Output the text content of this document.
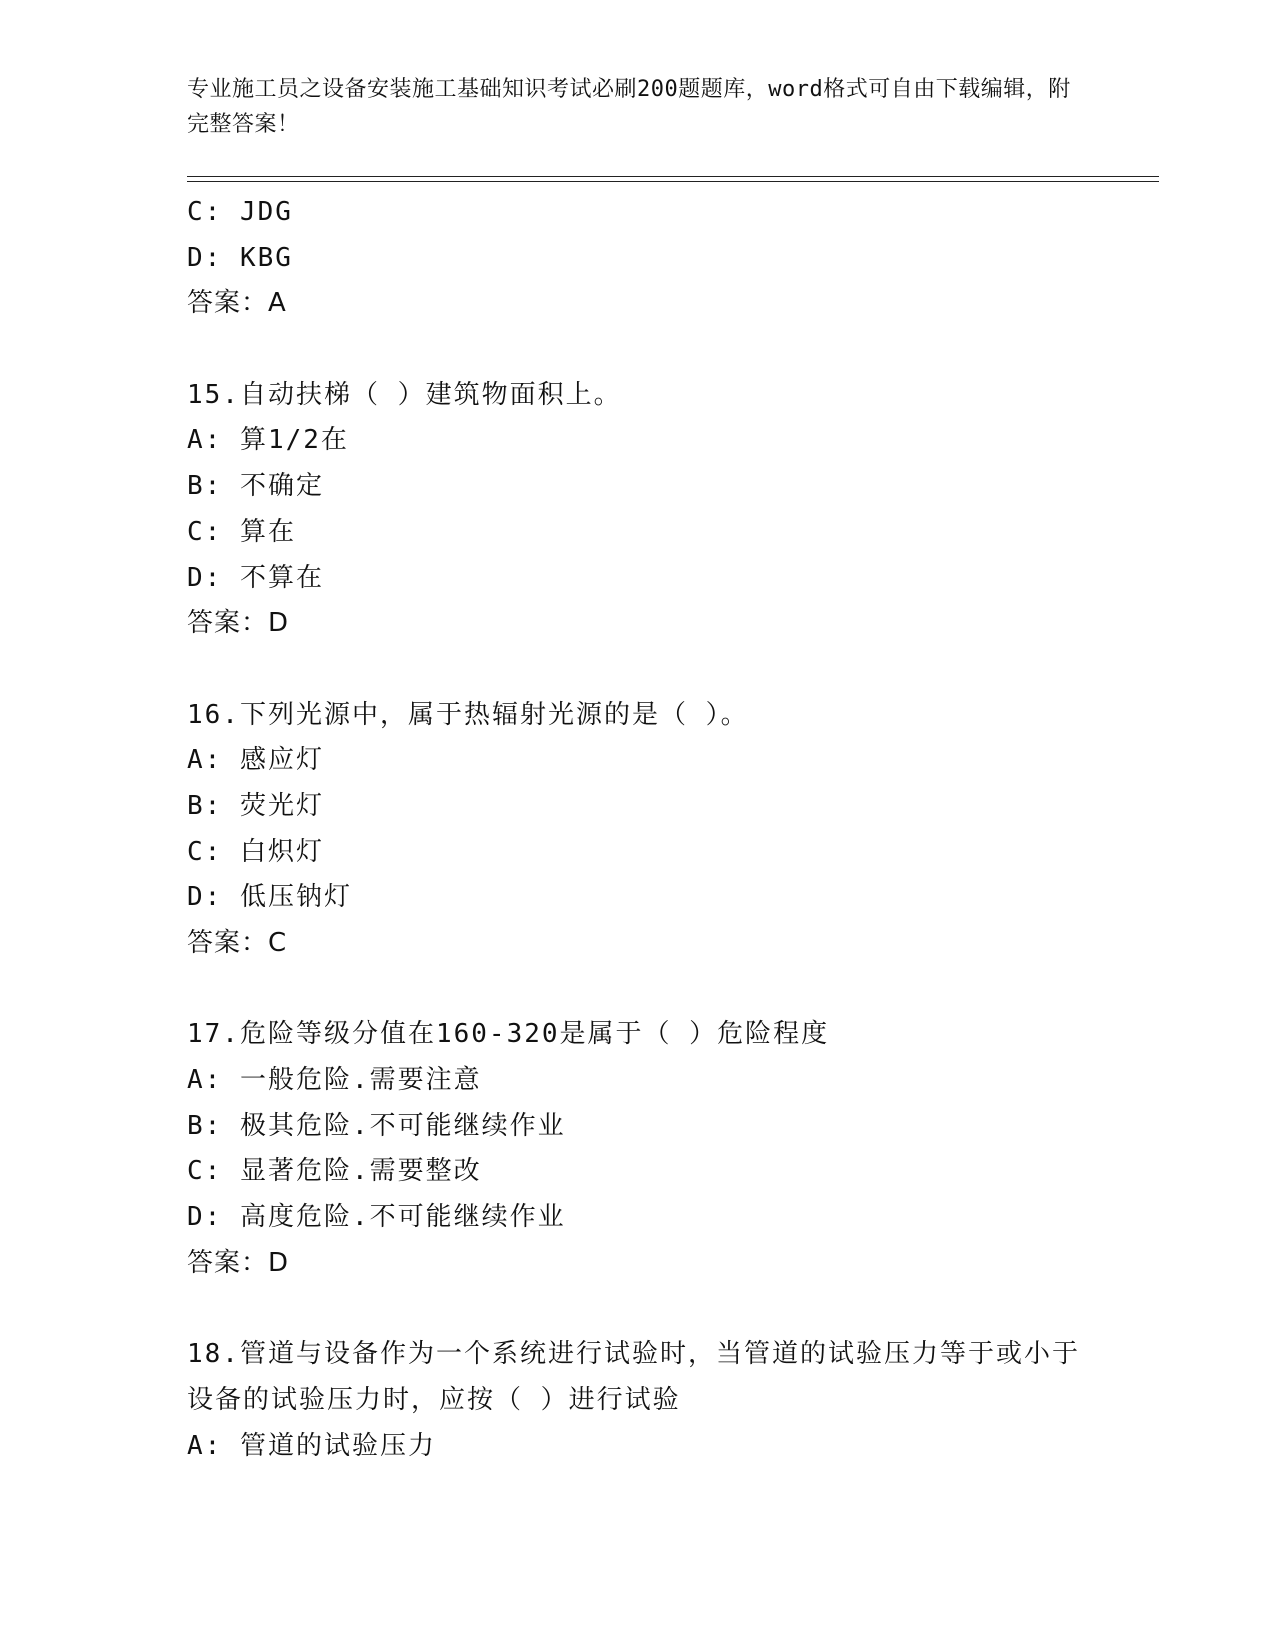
专业施工员之设备安装施工基础知识考试必刷200题题库，word格式可自由下载编辑，附完整答案！
C: JDG
D: KBG
答案：A
15.自动扶梯（ ）建筑物面积上。
A: 算1/2在
B: 不确定
C: 算在
D: 不算在
答案：D
16.下列光源中，属于热辐射光源的是（ ）。
A: 感应灯
B: 荧光灯
C: 白炽灯
D: 低压钠灯
答案：C
17.危险等级分值在160-320是属于（ ）危险程度
A: 一般危险.需要注意
B: 极其危险.不可能继续作业
C: 显著危险.需要整改
D: 高度危险.不可能继续作业
答案：D
18.管道与设备作为一个系统进行试验时，当管道的试验压力等于或小于设备的试验压力时，应按（ ）进行试验
A: 管道的试验压力
